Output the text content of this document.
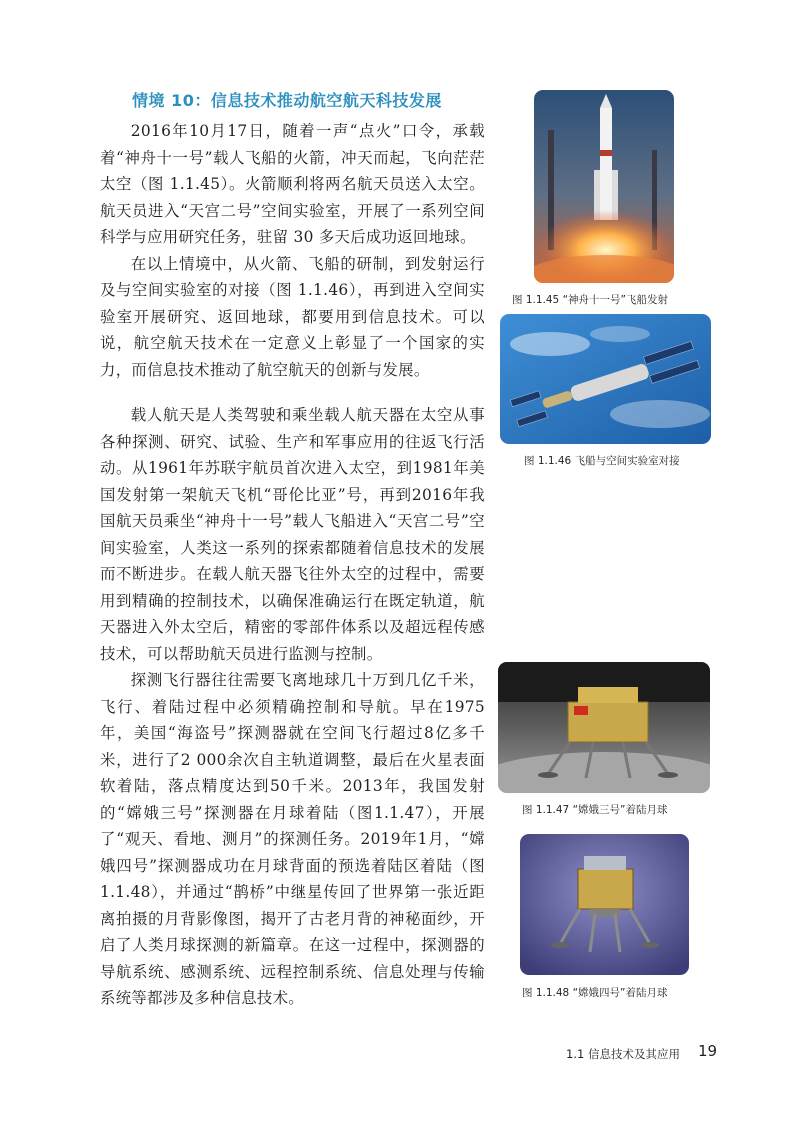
情境 10：信息技术推动航空航天科技发展

2016年10月17日，随着一声“点火”口令，承载着“神舟十一号”载人飞船的火箭，冲天而起，飞向茫茫太空（图 1.1.45）。火箭顺利将两名航天员送入太空。航天员进入“天宫二号”空间实验室，开展了一系列空间科学与应用研究任务，驻留 30 多天后成功返回地球。

在以上情境中，从火箭、飞船的研制，到发射运行及与空间实验室的对接（图 1.1.46），再到进入空间实验室开展研究、返回地球，都要用到信息技术。可以说，航空航天技术在一定意义上彰显了一个国家的实力，而信息技术推动了航空航天的创新与发展。

载人航天是人类驾驶和乘坐载人航天器在太空从事各种探测、研究、试验、生产和军事应用的往返飞行活动。从1961年苏联宇航员首次进入太空，到1981年美国发射第一架航天飞机“哥伦比亚”号，再到2016年我国航天员乘坐“神舟十一号”载人飞船进入“天宫二号”空间实验室，人类这一系列的探索都随着信息技术的发展而不断进步。在载人航天器飞往外太空的过程中，需要用到精确的控制技术，以确保准确运行在既定轨道，航天器进入外太空后，精密的零部件体系以及超远程传感技术，可以帮助航天员进行监测与控制。

探测飞行器往往需要飞离地球几十万到几亿千米，飞行、着陆过程中必须精确控制和导航。早在1975年，美国“海盗号”探测器就在空间飞行超过8亿多千米，进行了2 000余次自主轨道调整，最后在火星表面软着陆，落点精度达到50千米。2013年，我国发射的“嫦娥三号”探测器在月球着陆（图1.1.47），开展了“观天、看地、测月”的探测任务。2019年1月，“嫦娥四号”探测器成功在月球背面的预选着陆区着陆（图1.1.48），并通过“鹊桥”中继星传回了世界第一张近距离拍摄的月背影像图，揭开了古老月背的神秘面纱，开启了人类月球探测的新篇章。在这一过程中，探测器的导航系统、感测系统、远程控制系统、信息处理与传输系统等都涉及多种信息技术。

图 1.1.45 “神舟十一号”飞船发射
图 1.1.46 飞船与空间实验室对接
图 1.1.47 “嫦娥三号”着陆月球
图 1.1.48 “嫦娥四号”着陆月球
1.1 信息技术及其应用 19
